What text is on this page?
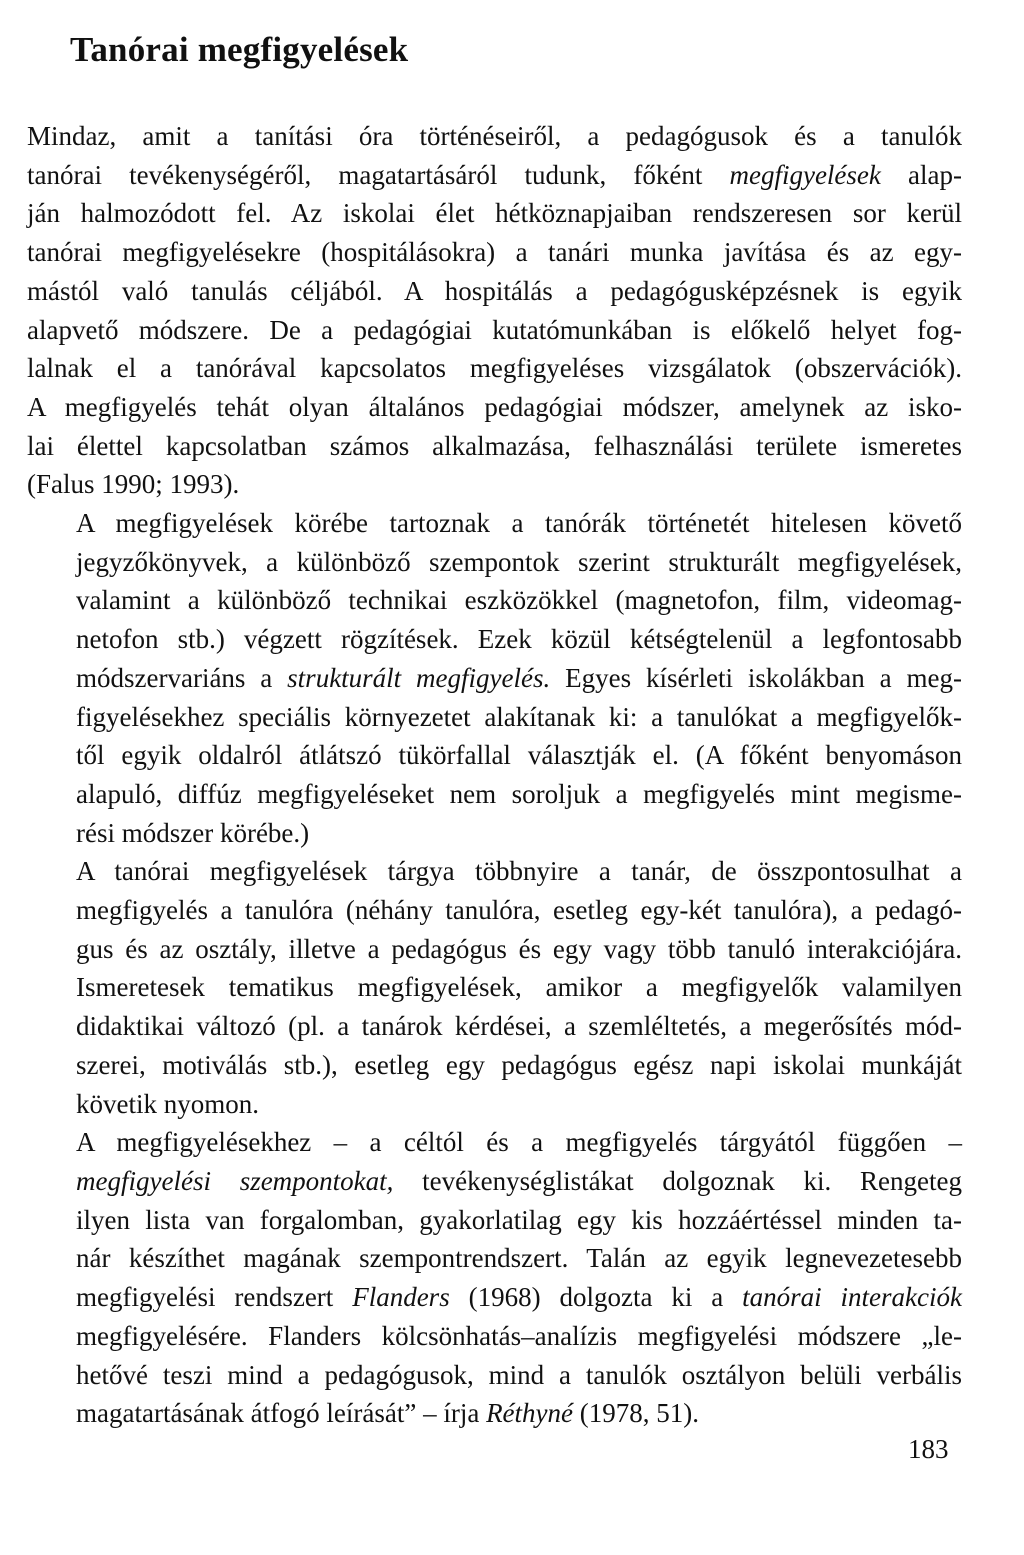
Tanórai megfigyelések

Mindaz, amit a tanítási óra történéseiről, a pedagógusok és a tanulók
tanórai tevékenységéről, magatartásáról tudunk, főként megfigyelések alap-
ján halmozódott fel. Az iskolai élet hétköznapjaiban rendszeresen sor kerül
tanórai megfigyelésekre (hospitálásokra) a tanári munka javítása és az egy-
mástól való tanulás céljából. A hospitálás a pedagógusképzésnek is egyik
alapvető módszere. De a pedagógiai kutatómunkában is előkelő helyet fog-
lalnak el a tanórával kapcsolatos megfigyeléses vizsgálatok (obszervációk).
A megfigyelés tehát olyan általános pedagógiai módszer, amelynek az isko-
lai élettel kapcsolatban számos alkalmazása, felhasználási területe ismeretes
(Falus 1990; 1993).

A megfigyelések körébe tartoznak a tanórák történetét hitelesen követő
jegyzőkönyvek, a különböző szempontok szerint strukturált megfigyelések,
valamint a különböző technikai eszközökkel (magnetofon, film, videomag-
netofon stb.) végzett rögzítések. Ezek közül kétségtelenül a legfontosabb
módszervariáns a strukturált megfigyelés. Egyes kísérleti iskolákban a meg-
figyelésekhez speciális környezetet alakítanak ki: a tanulókat a megfigyelők-
től egyik oldalról átlátszó tükörfallal választják el. (A főként benyomáson
alapuló, diffúz megfigyeléseket nem soroljuk a megfigyelés mint megisme-
rési módszer körébe.)

A tanórai megfigyelések tárgya többnyire a tanár, de összpontosulhat a
megfigyelés a tanulóra (néhány tanulóra, esetleg egy-két tanulóra), a pedagó-
gus és az osztály, illetve a pedagógus és egy vagy több tanuló interakciójára.
Ismeretesek tematikus megfigyelések, amikor a megfigyelők valamilyen
didaktikai változó (pl. a tanárok kérdései, a szemléltetés, a megerősítés mód-
szerei, motiválás stb.), esetleg egy pedagógus egész napi iskolai munkáját
követik nyomon.

A megfigyelésekhez – a céltól és a megfigyelés tárgyától függően –
megfigyelési szempontokat, tevékenységlistákat dolgoznak ki. Rengeteg
ilyen lista van forgalomban, gyakorlatilag egy kis hozzáértéssel minden ta-
nár készíthet magának szempontrendszert. Talán az egyik legnevezetesebb
megfigyelési rendszert Flanders (1968) dolgozta ki a tanórai interakciók
megfigyelésére. Flanders kölcsönhatás–analízis megfigyelési módszere „le-
hetővé teszi mind a pedagógusok, mind a tanulók osztályon belüli verbális
magatartásának átfogó leírását” – írja Réthyné (1978, 51).

183
